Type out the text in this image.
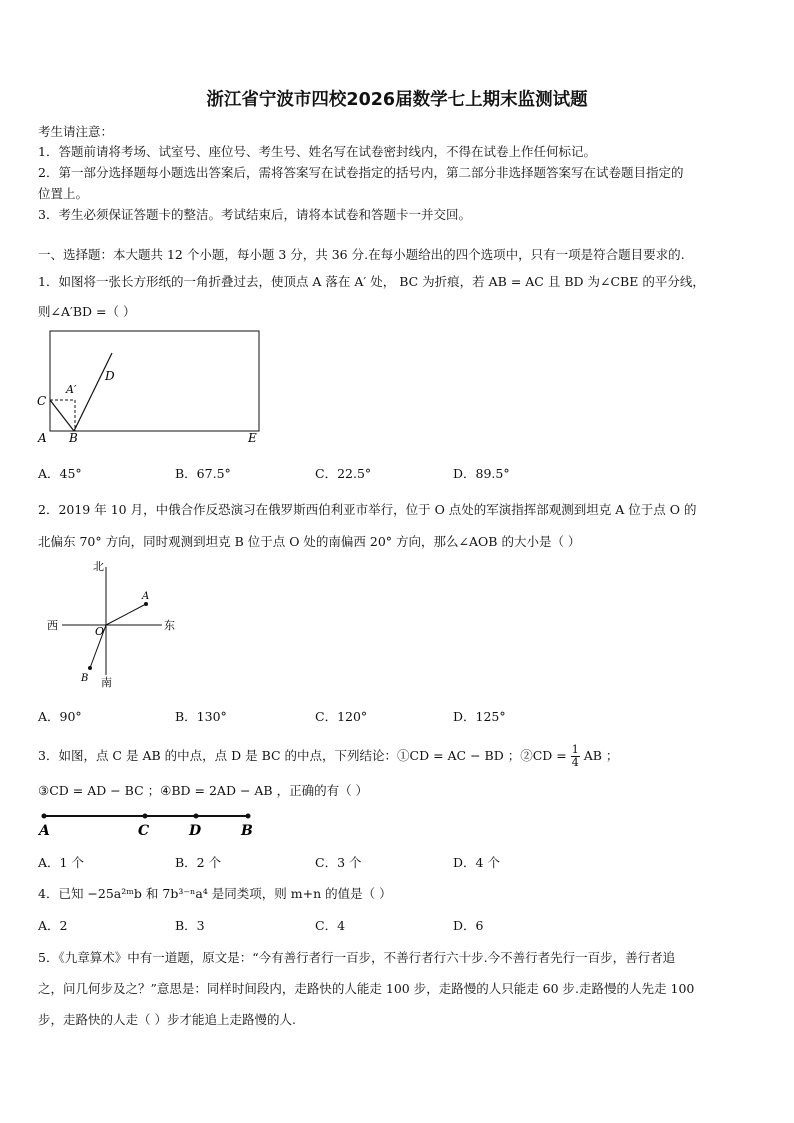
浙江省宁波市四校2026届数学七上期末监测试题
考生请注意：
1．答题前请将考场、试室号、座位号、考生号、姓名写在试卷密封线内，不得在试卷上作任何标记。
2．第一部分选择题每小题选出答案后，需将答案写在试卷指定的括号内，第二部分非选择题答案写在试卷题目指定的
位置上。
3．考生必须保证答题卡的整洁。考试结束后，请将本试卷和答题卡一并交回。
一、选择题：本大题共 12 个小题，每小题 3 分，共 36 分.在每小题给出的四个选项中，只有一项是符合题目要求的.
1．如图将一张长方形纸的一角折叠过去，使顶点 A 落在 A′ 处， BC 为折痕，若 AB = AC 且 BD 为∠CBE 的平分线，
则∠A′BD =（ ）
C
A′
D
A B	E
A．45°	B．67.5°	C．22.5°	D．89.5°
2．2019 年 10 月，中俄合作反恐演习在俄罗斯西伯利亚市举行，位于 O 点处的军演指挥部观测到坦克 A 位于点 O 的
北偏东 70° 方向，同时观测到坦克 B 位于点 O 处的南偏西 20° 方向，那么∠AOB 的大小是（ ）
北
南
西	东
O
A
B
A．90°	B．130°	C．120°	D．125°
3．如图，点 C 是 AB 的中点，点 D 是 BC 的中点，下列结论：①CD = AC − BD ；②CD = $\frac{1}{4}$ AB ；
③CD = AD − BC ；④BD = 2AD − AB ，正确的有（ ）
A	C	D	B
A．1 个	B．2 个	C．3 个	D．4 个
4．已知 −25a²ᵐb 和 7b³⁻ⁿa⁴ 是同类项，则 m+n 的值是（ ）
A．2	B．3	C．4	D．6
5．《九章算术》中有一道题，原文是：“今有善行者行一百步，不善行者行六十步.今不善行者先行一百步，善行者追
之，问几何步及之？”意思是：同样时间段内，走路快的人能走 100 步，走路慢的人只能走 60 步.走路慢的人先走 100
步，走路快的人走（ ）步才能追上走路慢的人.
